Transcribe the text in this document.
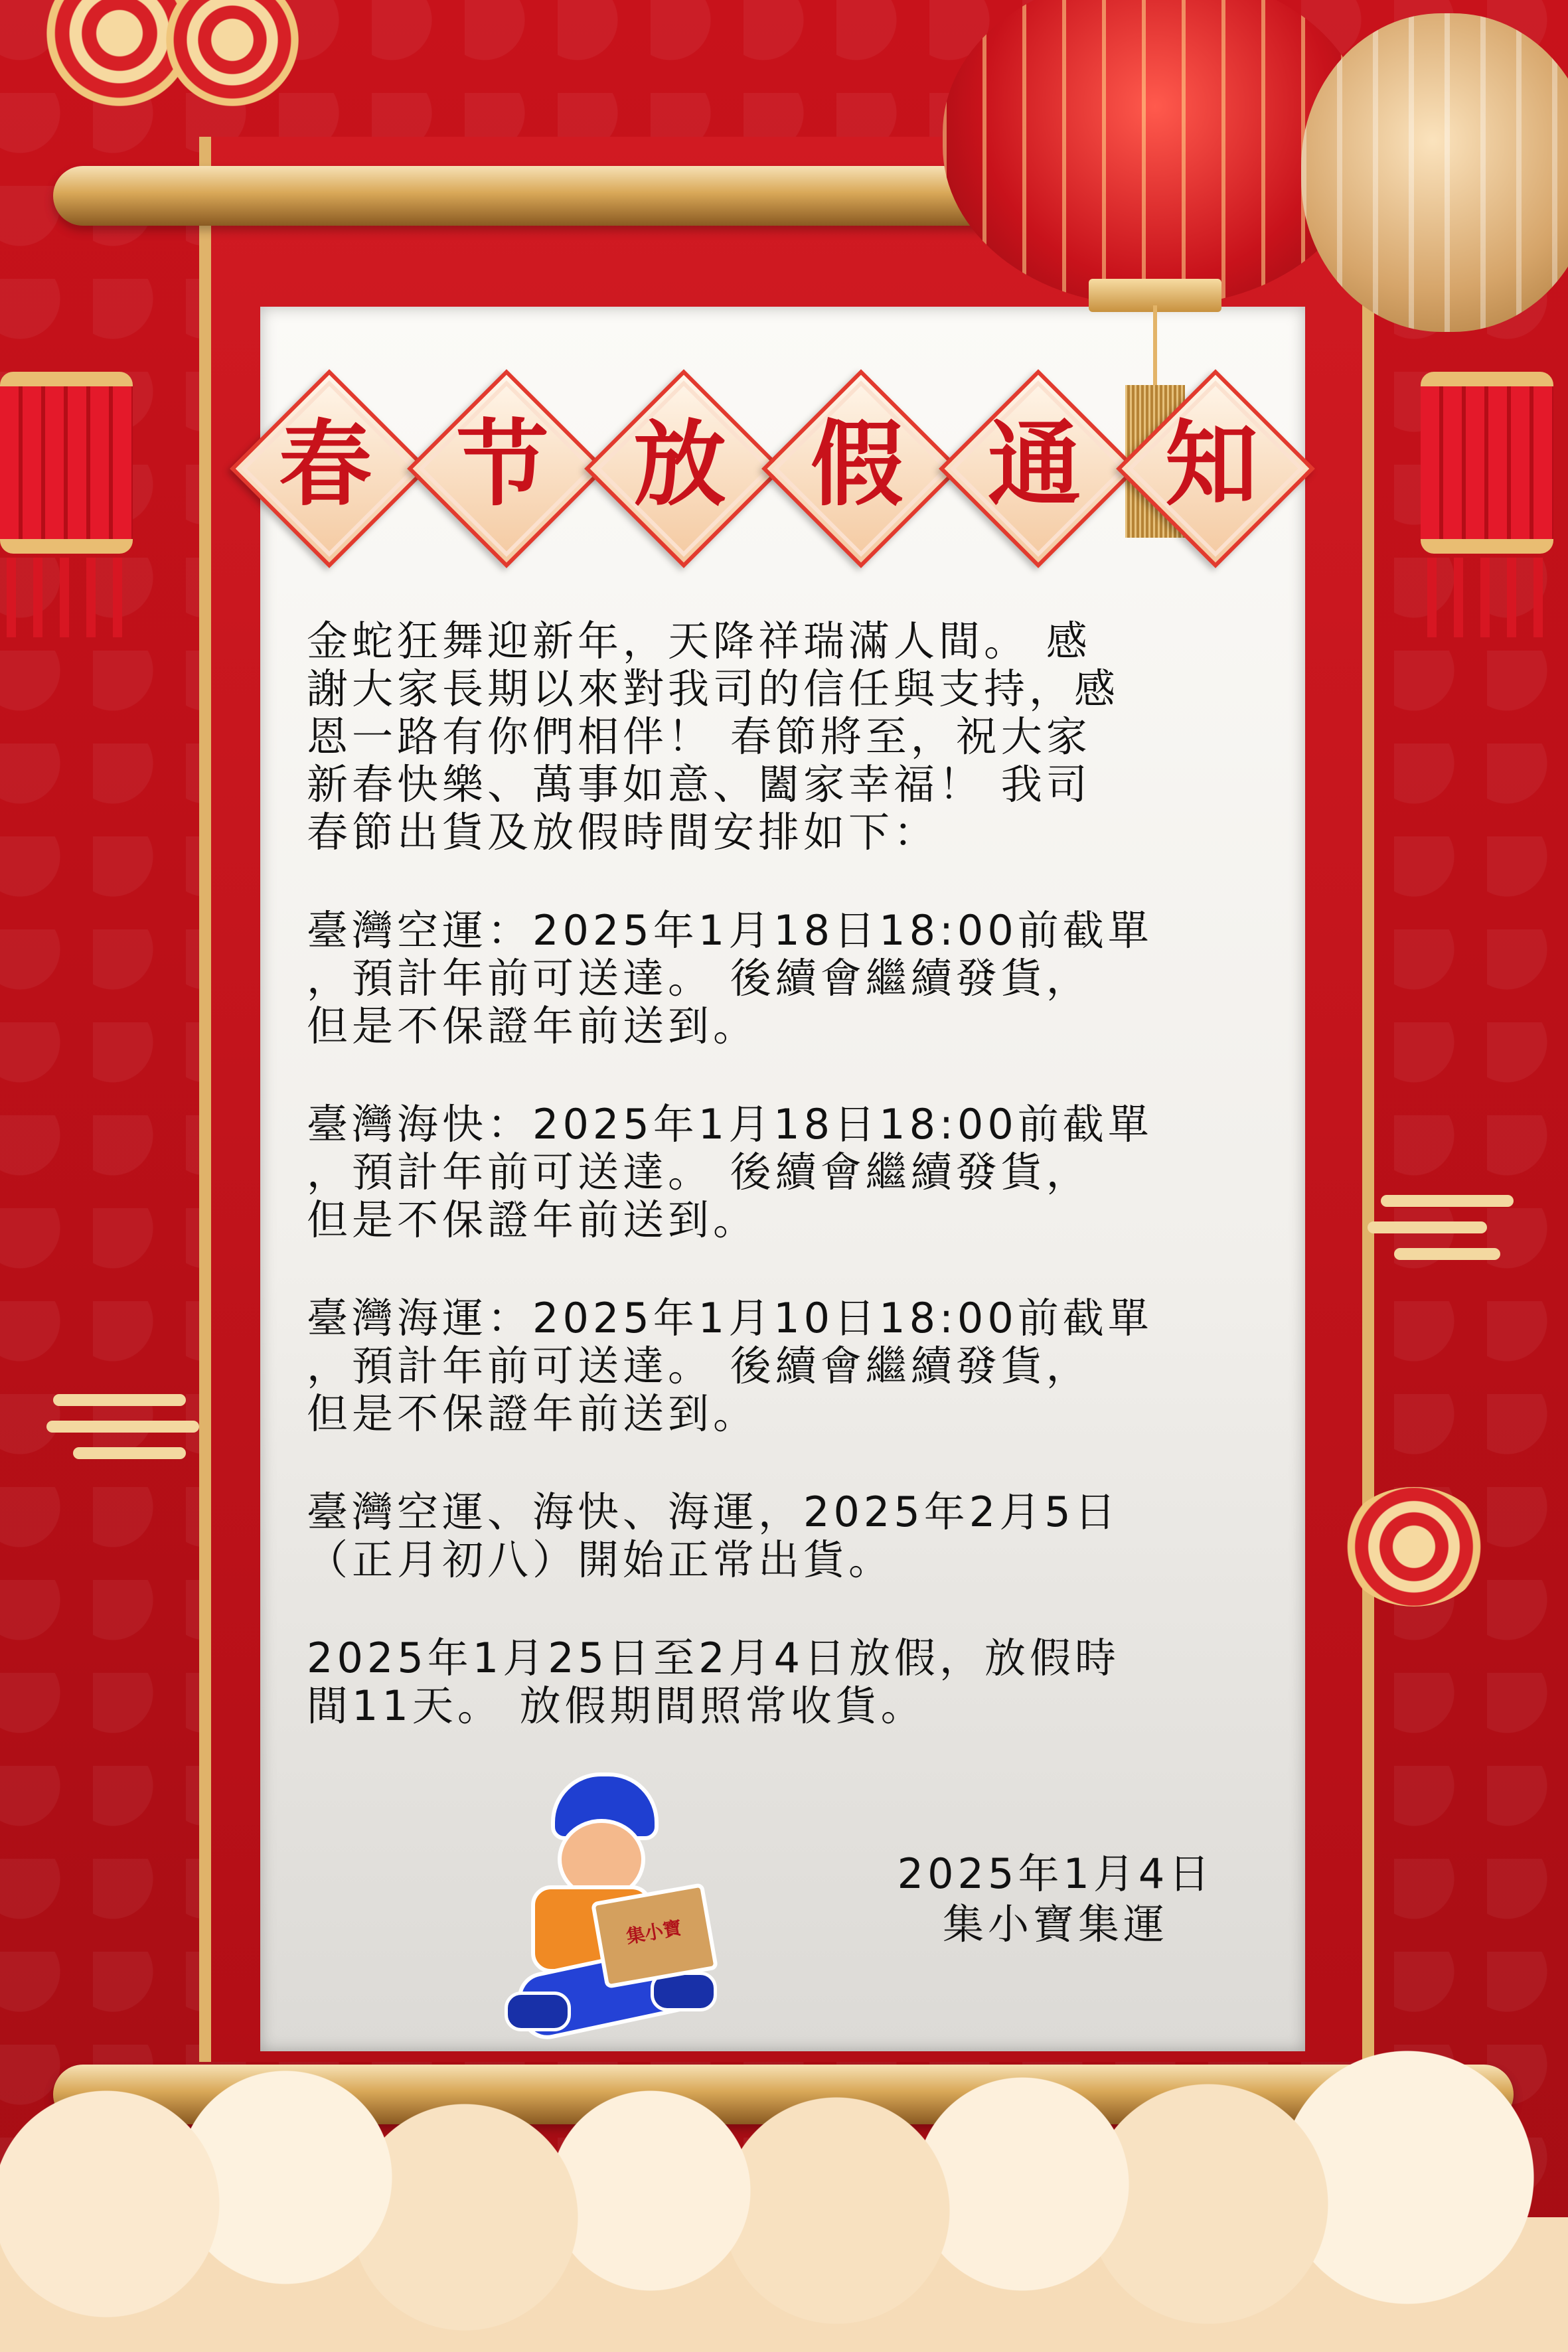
春 节 放 假 通 知

金蛇狂舞迎新年，天降祥瑞滿人間。 感
謝大家長期以來對我司的信任與支持，感
恩一路有你們相伴！ 春節將至，祝大家
新春快樂、萬事如意、闔家幸福！ 我司
春節出貨及放假時間安排如下：

臺灣空運：2025年1月18日18:00前截單
，預計年前可送達。 後續會繼續發貨，
但是不保證年前送到。

臺灣海快：2025年1月18日18:00前截單
，預計年前可送達。 後續會繼續發貨，
但是不保證年前送到。

臺灣海運：2025年1月10日18:00前截單
，預計年前可送達。 後續會繼續發貨，
但是不保證年前送到。

臺灣空運、海快、海運，2025年2月5日
（正月初八）開始正常出貨。

2025年1月25日至2月4日放假，放假時
間11天。 放假期間照常收貨。

集小寶
2025年1月4日
集小寶集運
